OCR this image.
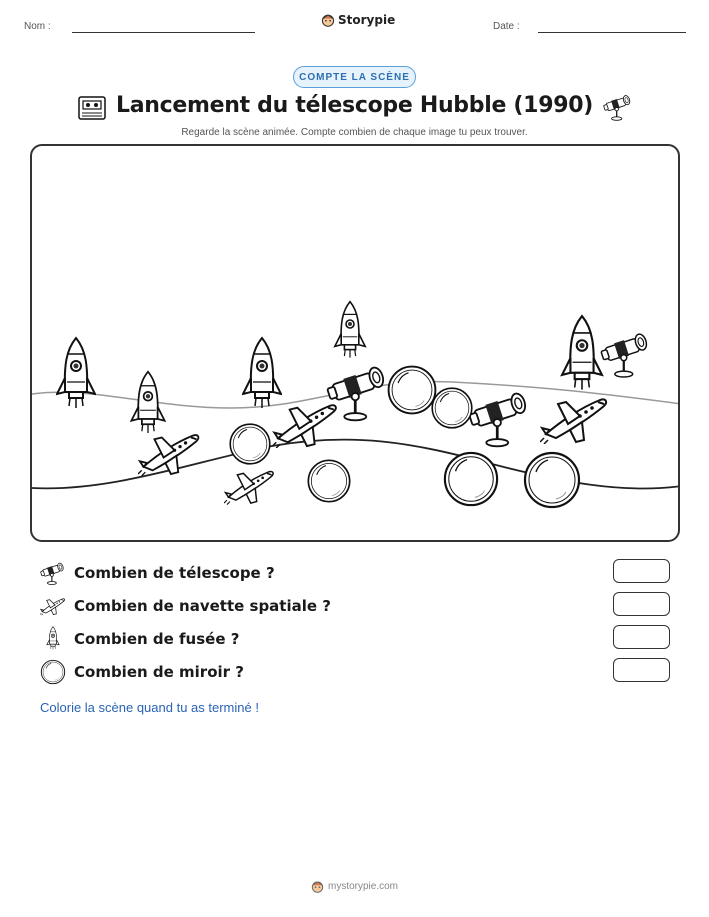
Nom :	Storypie	Date :
COMPTE LA SCÈNE
Lancement du télescope Hubble (1990)
Regarde la scène animée. Compte combien de chaque image tu peux trouver.
Combien de télescope ?
Combien de navette spatiale ?
Combien de fusée ?
Combien de miroir ?
Colorie la scène quand tu as terminé !
mystorypie.com
